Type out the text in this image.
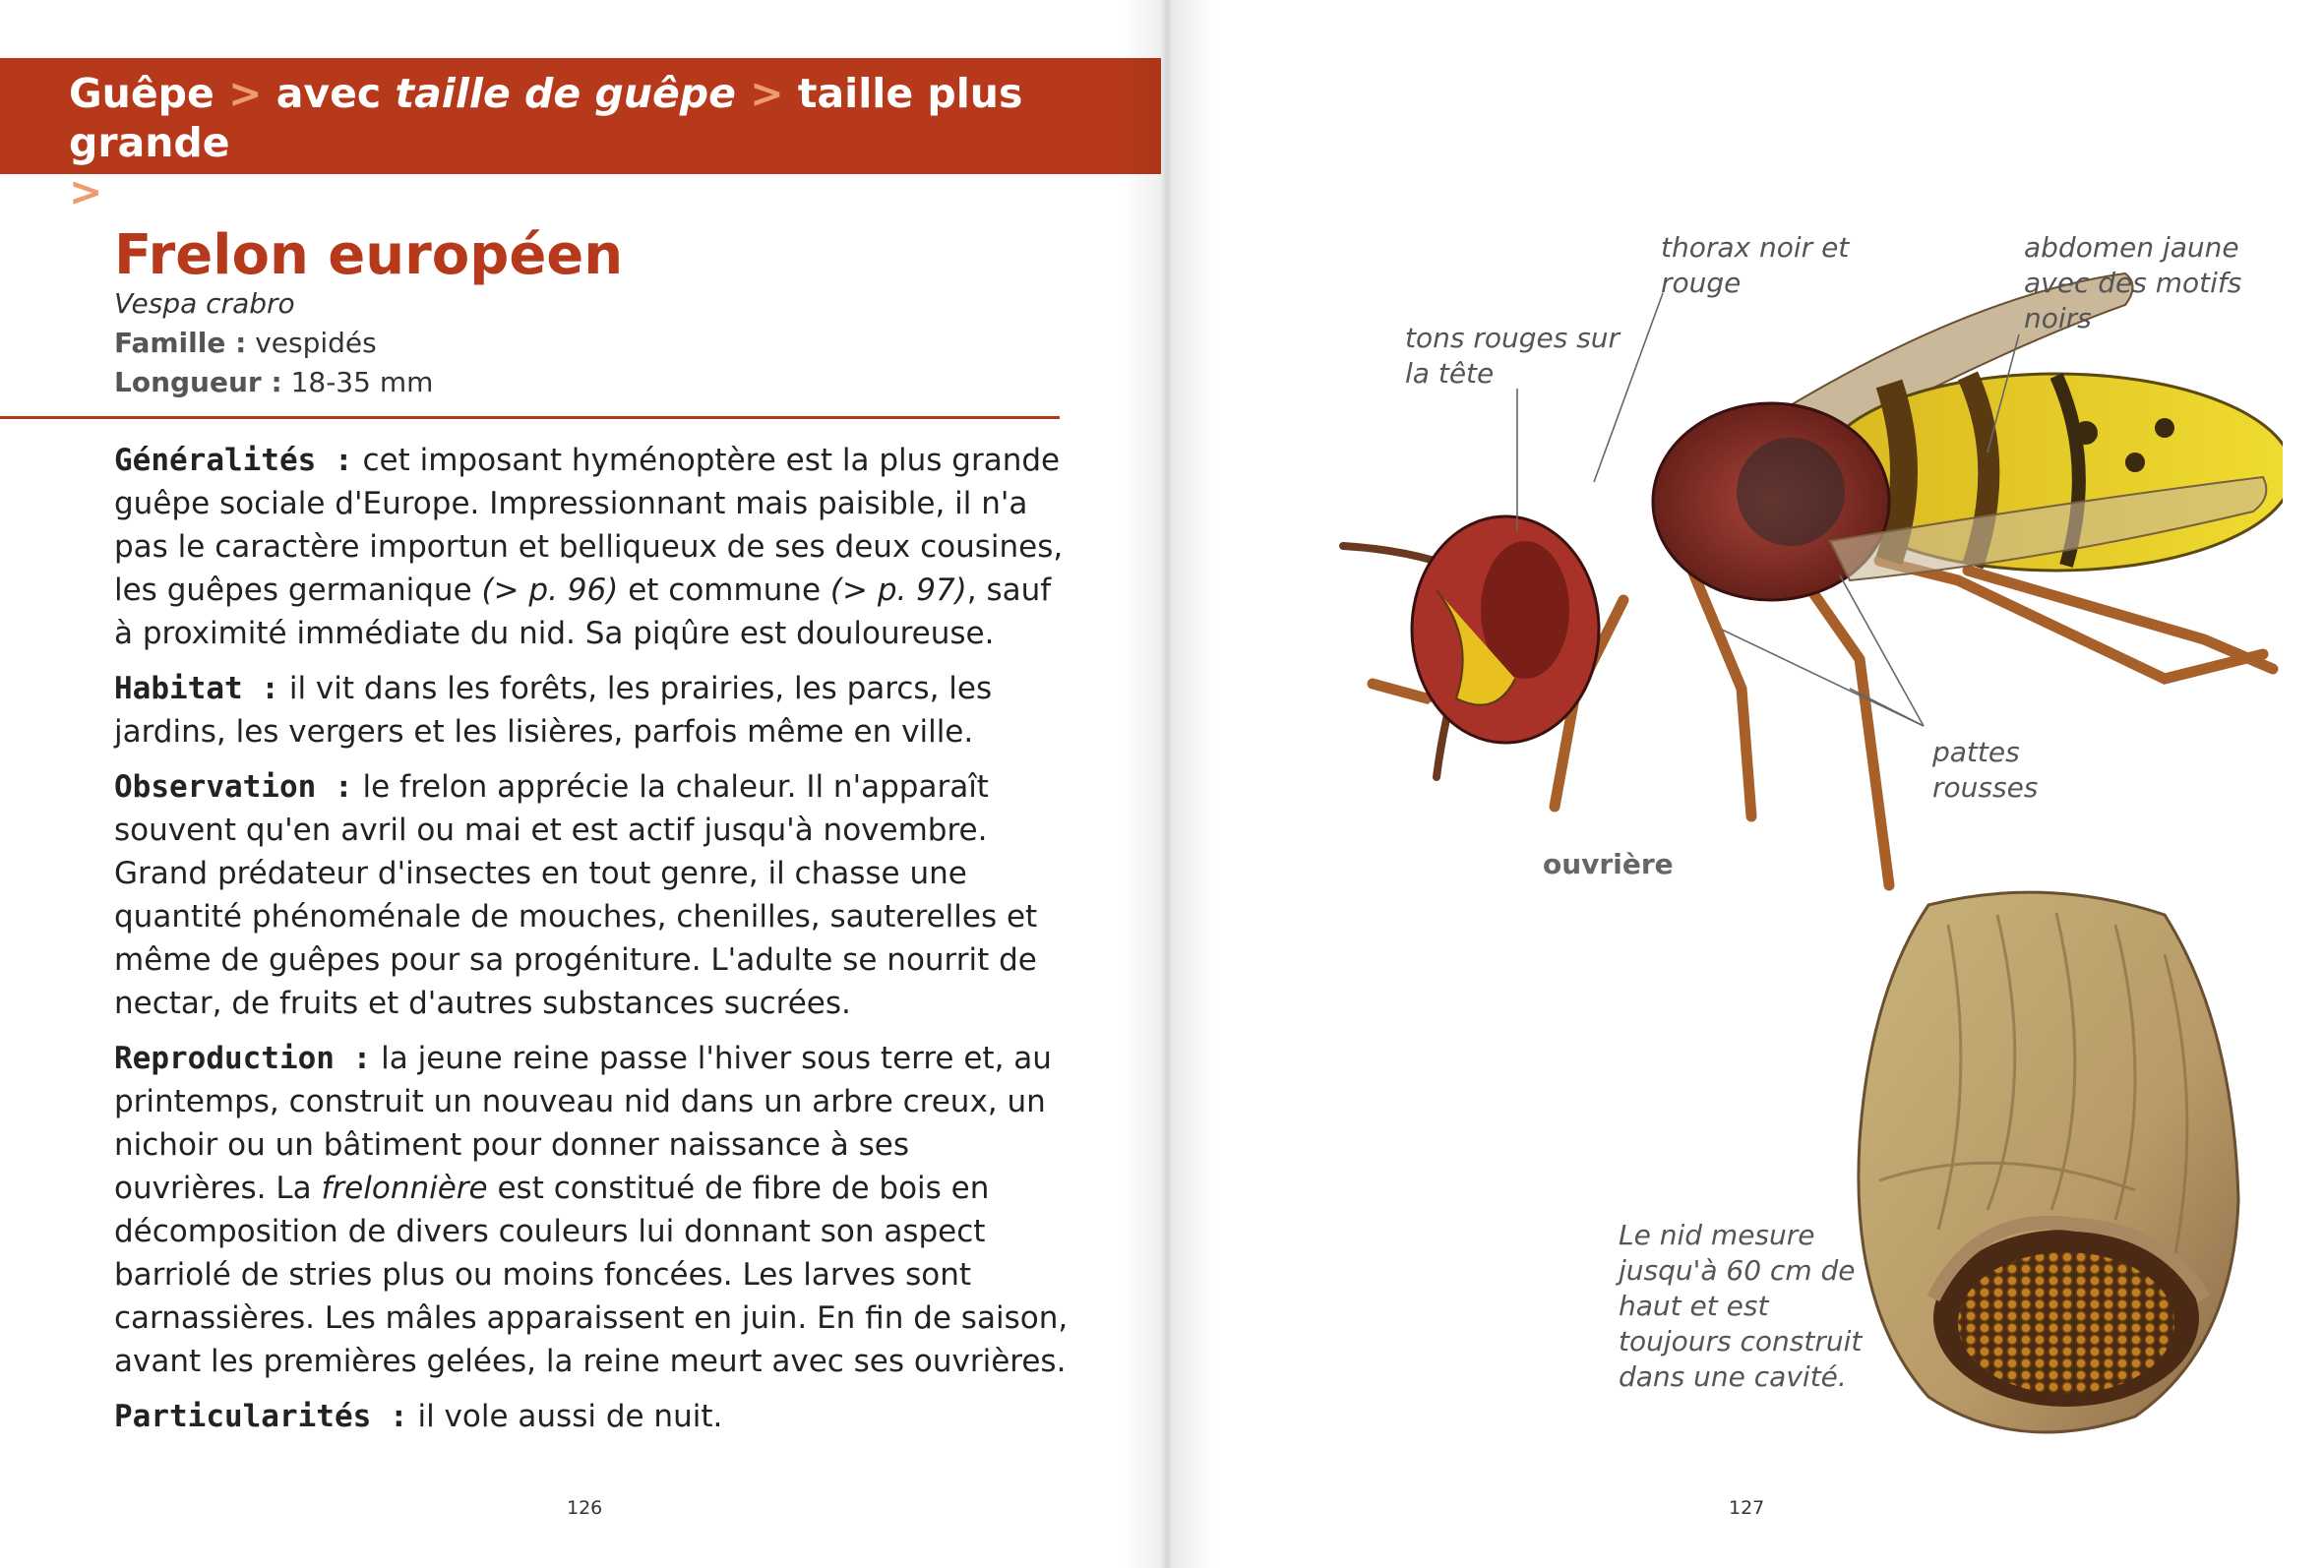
Guêpe > avec taille de guêpe > taille plus grande
>jaune et noire
Frelon européen
Vespa crabro
Famille : vespidés
Longueur : 18-35 mm

Généralités : cet imposant hyménoptère est la plus grande guêpe sociale d'Europe. Impressionnant mais paisible, il n'a pas le caractère importun et belliqueux de ses deux cousines, les guêpes germanique (> p. 96) et commune (> p. 97), sauf à proximité immédiate du nid. Sa piqûre est douloureuse.

Habitat : il vit dans les forêts, les prairies, les parcs, les jardins, les vergers et les lisières, parfois même en ville.

Observation : le frelon apprécie la chaleur. Il n'apparaît souvent qu'en avril ou mai et est actif jusqu'à novembre. Grand prédateur d'insectes en tout genre, il chasse une quantité phénoménale de mouches, chenilles, sauterelles et même de guêpes pour sa progéniture. L'adulte se nourrit de nectar, de fruits et d'autres substances sucrées.

Reproduction : la jeune reine passe l'hiver sous terre et, au printemps, construit un nouveau nid dans un arbre creux, un nichoir ou un bâtiment pour donner naissance à ses ouvrières. La frelonnière est constitué de fibre de bois en décomposition de divers couleurs lui donnant son aspect barriolé de stries plus ou moins foncées. Les larves sont carnassières. Les mâles apparaissent en juin. En fin de saison, avant les premières gelées, la reine meurt avec ses ouvrières.

Particularités : il vole aussi de nuit.

126
tons rouges sur la tête
thorax noir et rouge
abdomen jaune avec des motifs noirs
pattes rousses
ouvrière
Le nid mesure jusqu'à 60 cm de haut et est toujours construit dans une cavité.
127
